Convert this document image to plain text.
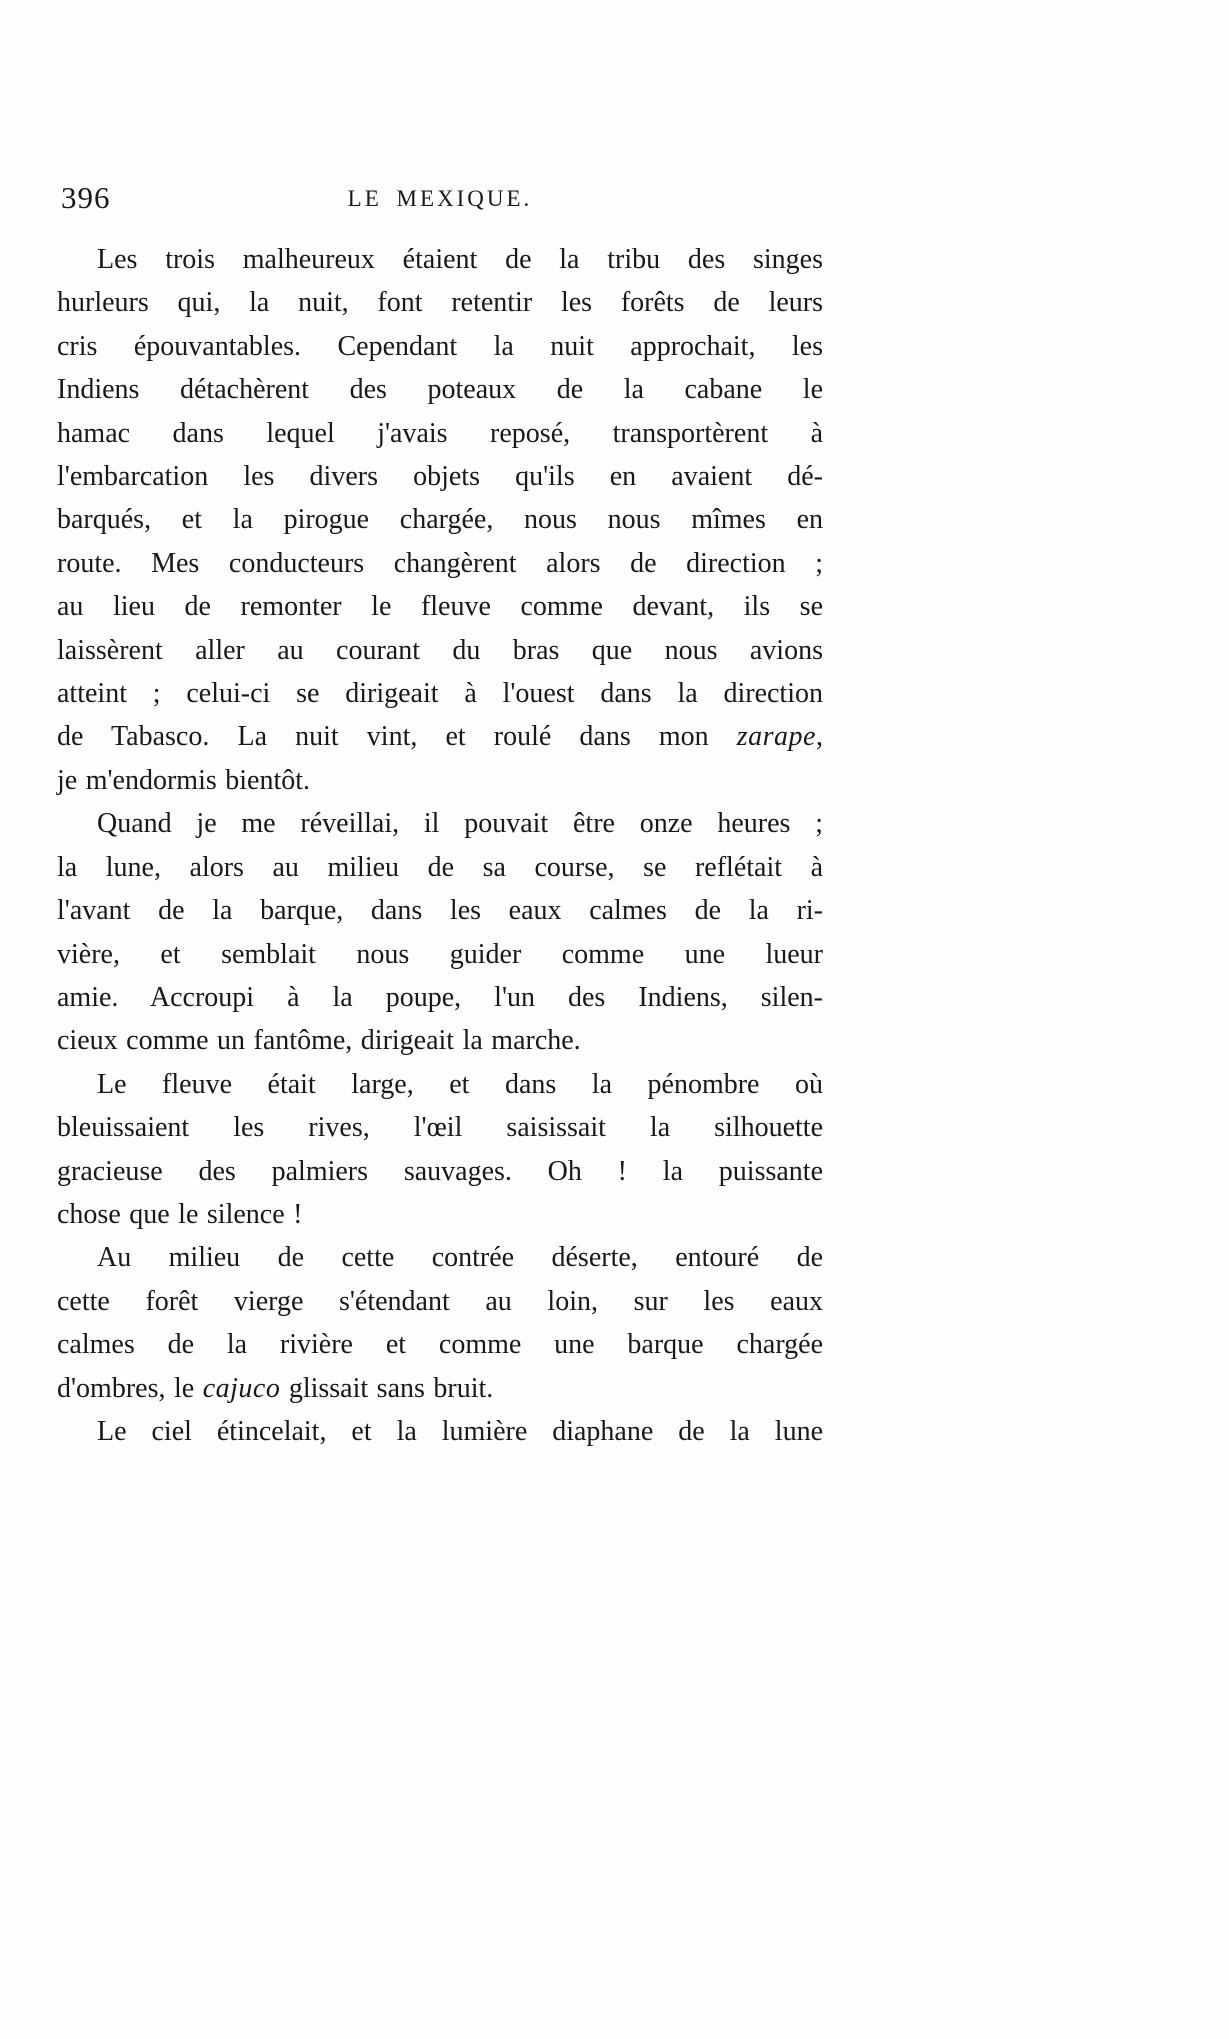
396	LE MEXIQUE.
Les trois malheureux étaient de la tribu des singes
hurleurs qui, la nuit, font retentir les forêts de leurs
cris épouvantables. Cependant la nuit approchait, les
Indiens détachèrent des poteaux de la cabane le
hamac dans lequel j'avais reposé, transportèrent à
l'embarcation les divers objets qu'ils en avaient dé-
barqués, et la pirogue chargée, nous nous mîmes en
route. Mes conducteurs changèrent alors de direction ;
au lieu de remonter le fleuve comme devant, ils se
laissèrent aller au courant du bras que nous avions
atteint ; celui-ci se dirigeait à l'ouest dans la direction
de Tabasco. La nuit vint, et roulé dans mon zarape,
je m'endormis bientôt.
Quand je me réveillai, il pouvait être onze heures ;
la lune, alors au milieu de sa course, se reflétait à
l'avant de la barque, dans les eaux calmes de la ri-
vière, et semblait nous guider comme une lueur
amie. Accroupi à la poupe, l'un des Indiens, silen-
cieux comme un fantôme, dirigeait la marche.
Le fleuve était large, et dans la pénombre où
bleuissaient les rives, l'œil saisissait la silhouette
gracieuse des palmiers sauvages. Oh ! la puissante
chose que le silence !
Au milieu de cette contrée déserte, entouré de
cette forêt vierge s'étendant au loin, sur les eaux
calmes de la rivière et comme une barque chargée
d'ombres, le cajuco glissait sans bruit.
Le ciel étincelait, et la lumière diaphane de la lune
